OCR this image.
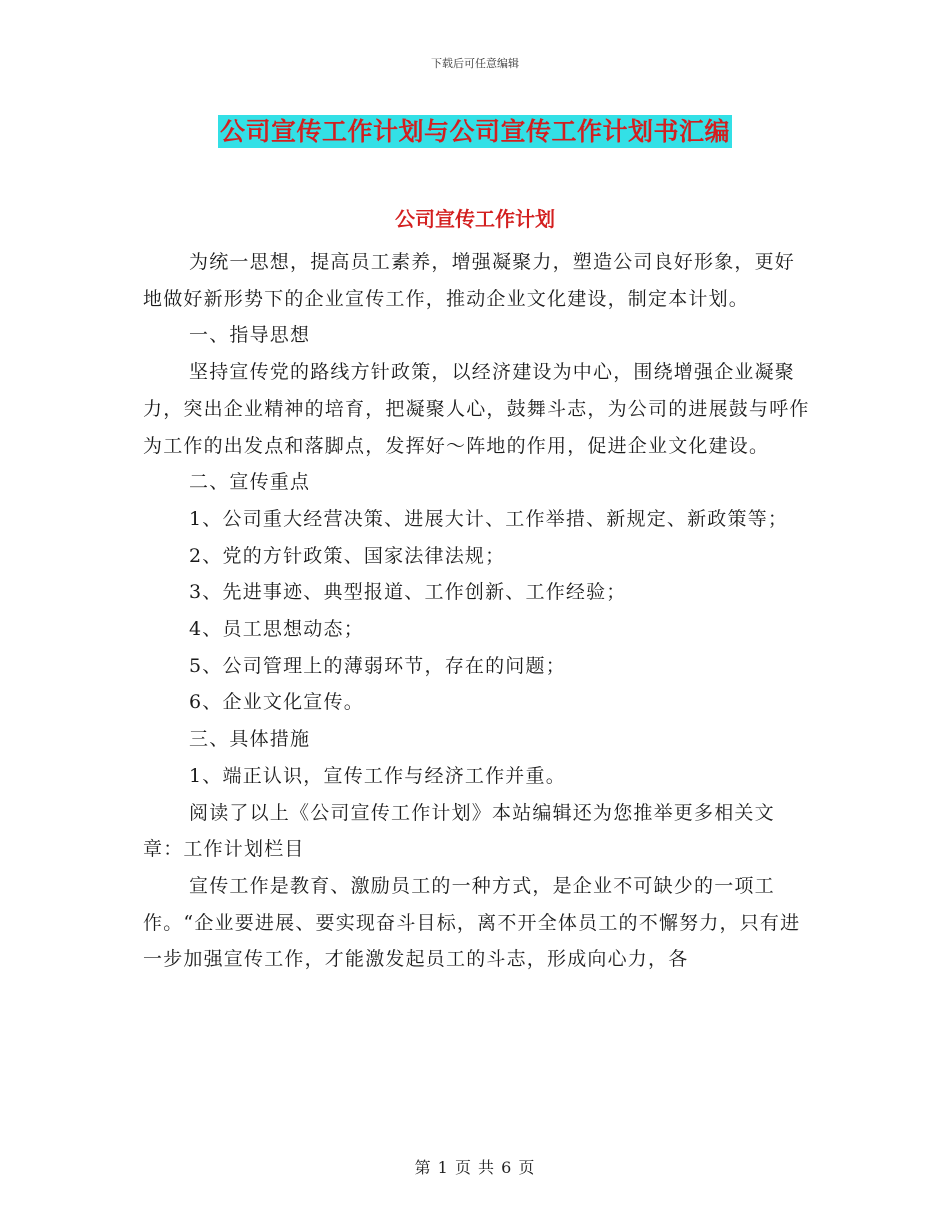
下载后可任意编辑
公司宣传工作计划与公司宣传工作计划书汇编
公司宣传工作计划

为统一思想，提高员工素养，增强凝聚力，塑造公司良好形象，更好地做好新形势下的企业宣传工作，推动企业文化建设，制定本计划。

一、指导思想

坚持宣传党的路线方针政策，以经济建设为中心，围绕增强企业凝聚力，突出企业精神的培育，把凝聚人心，鼓舞斗志，为公司的进展鼓与呼作为工作的出发点和落脚点，发挥好～阵地的作用，促进企业文化建设。

二、宣传重点

1、公司重大经营决策、进展大计、工作举措、新规定、新政策等；

2、党的方针政策、国家法律法规；

3、先进事迹、典型报道、工作创新、工作经验；

4、员工思想动态；

5、公司管理上的薄弱环节，存在的问题；

6、企业文化宣传。

三、具体措施

1、端正认识，宣传工作与经济工作并重。

阅读了以上《公司宣传工作计划》本站编辑还为您推举更多相关文章：工作计划栏目

宣传工作是教育、激励员工的一种方式，是企业不可缺少的一项工作。“企业要进展、要实现奋斗目标，离不开全体员工的不懈努力，只有进一步加强宣传工作，才能激发起员工的斗志，形成向心力，各

第 1 页 共 6 页
